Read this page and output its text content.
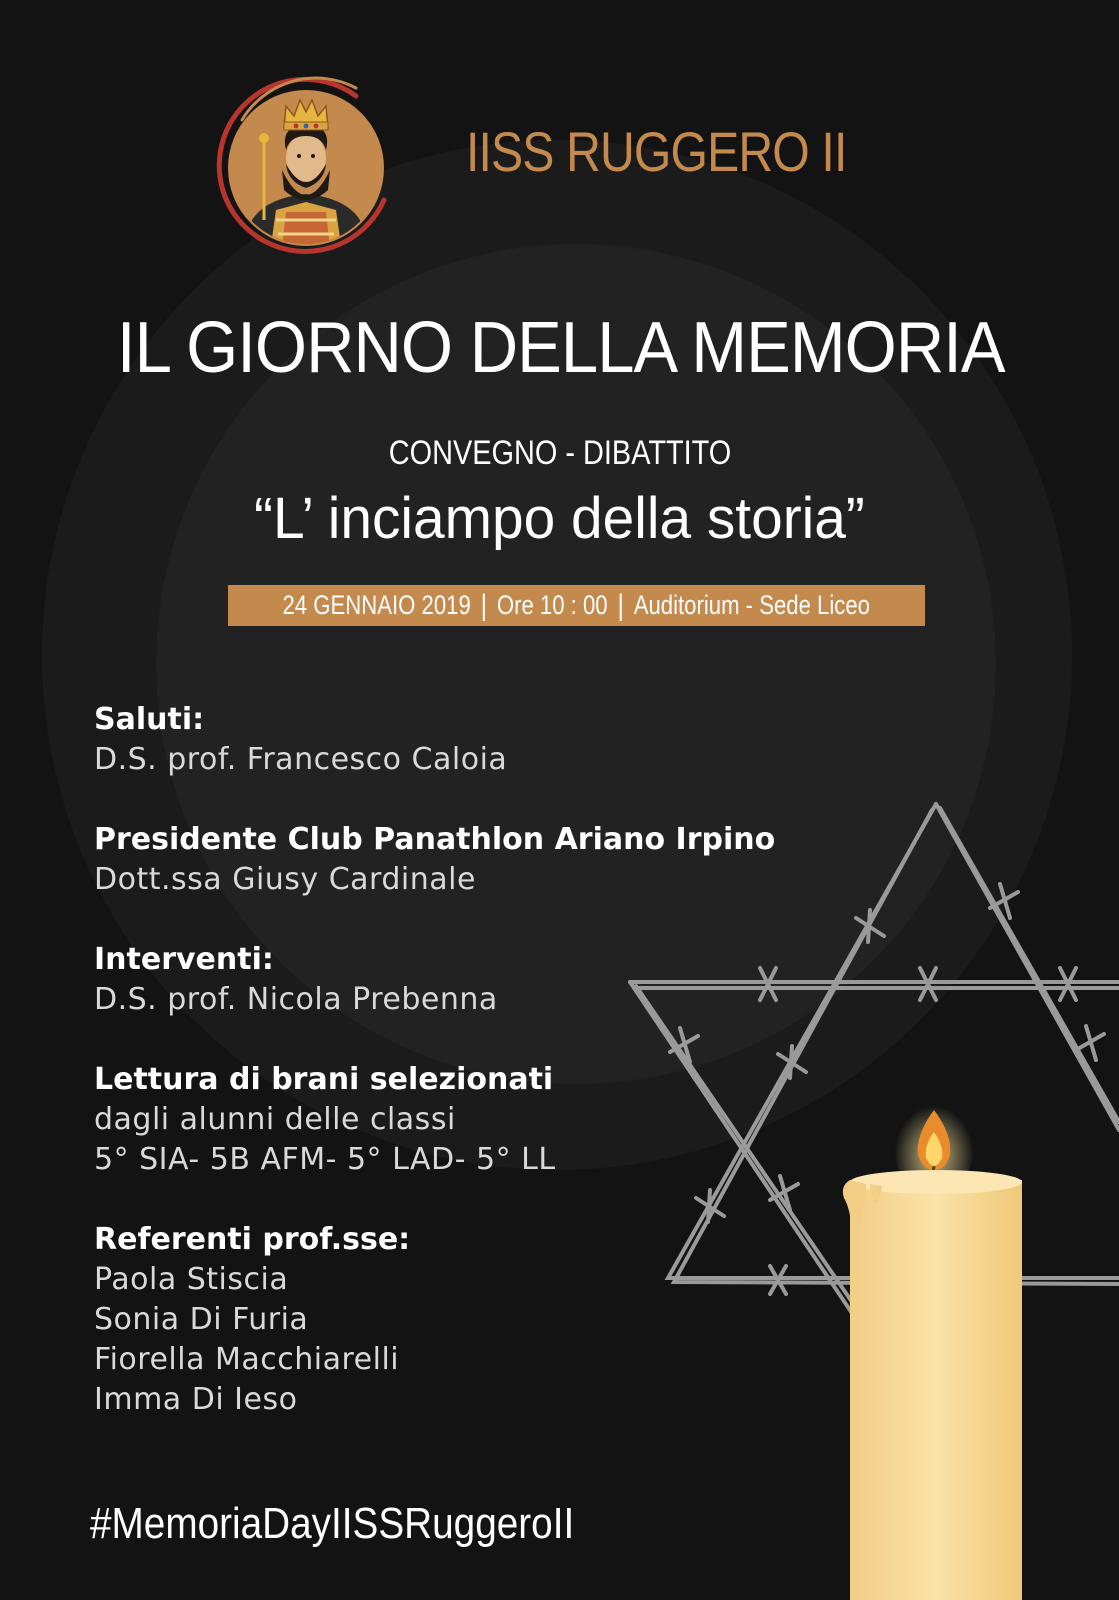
IISS RUGGERO II
IL GIORNO DELLA MEMORIA
CONVEGNO - DIBATTITO
“L’ inciampo della storia”
24 GENNAIO 2019 | Ore 10 : 00 | Auditorium - Sede Liceo
Saluti:
D.S. prof. Francesco Caloia
Presidente Club Panathlon Ariano Irpino
Dott.ssa Giusy Cardinale
Interventi:
D.S. prof. Nicola Prebenna
Lettura di brani selezionati
dagli alunni delle classi
5° SIA- 5B AFM- 5° LAD- 5° LL
Referenti prof.sse:
Paola Stiscia
Sonia Di Furia
Fiorella Macchiarelli
Imma Di Ieso
#MemoriaDayIISSRuggeroII
